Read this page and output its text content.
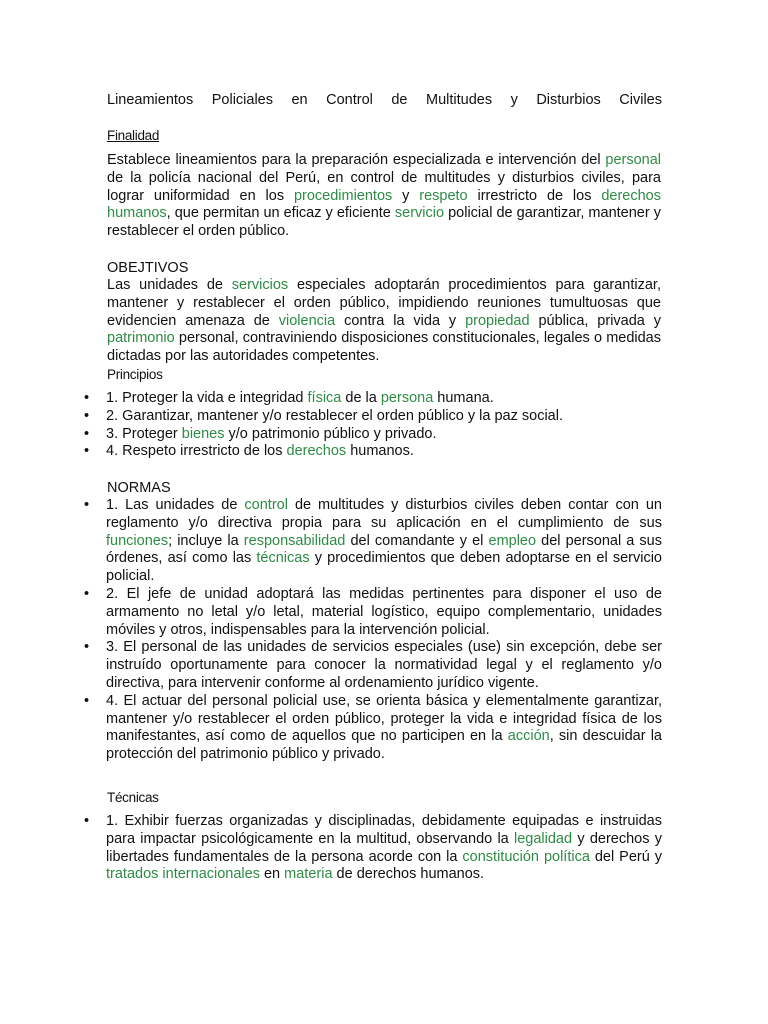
Lineamientos Policiales en Control de Multitudes y Disturbios Civiles
Finalidad
Establece lineamientos para la preparación especializada e intervención del personal de la policía nacional del Perú, en control de multitudes y disturbios civiles, para lograr uniformidad en los procedimientos y respeto irrestricto de los derechos humanos, que permitan un eficaz y eficiente servicio policial de garantizar, mantener y restablecer el orden público.
OBEJTIVOS
Las unidades de servicios especiales adoptarán procedimientos para garantizar, mantener y restablecer el orden público, impidiendo reuniones tumultuosas que evidencien amenaza de violencia contra la vida y propiedad pública, privada y patrimonio personal, contraviniendo disposiciones constitucionales, legales o medidas dictadas por las autoridades competentes.
Principios
•	1. Proteger la vida e integridad física de la persona humana.
•	2. Garantizar, mantener y/o restablecer el orden público y la paz social.
•	3. Proteger bienes y/o patrimonio público y privado.
•	4. Respeto irrestricto de los derechos humanos.
NORMAS
•	1. Las unidades de control de multitudes y disturbios civiles deben contar con un reglamento y/o directiva propia para su aplicación en el cumplimiento de sus funciones; incluye la responsabilidad del comandante y el empleo del personal a sus órdenes, así como las técnicas y procedimientos que deben adoptarse en el servicio policial.
•	2. El jefe de unidad adoptará las medidas pertinentes para disponer el uso de armamento no letal y/o letal, material logístico, equipo complementario, unidades móviles y otros, indispensables para la intervención policial.
•	3. El personal de las unidades de servicios especiales (use) sin excepción, debe ser instruído oportunamente para conocer la normatividad legal y el reglamento y/o directiva, para intervenir conforme al ordenamiento jurídico vigente.
•	4. El actuar del personal policial use, se orienta básica y elementalmente garantizar, mantener y/o restablecer el orden público, proteger la vida e integridad física de los manifestantes, así como de aquellos que no participen en la acción, sin descuidar la protección del patrimonio público y privado.
Técnicas
•	1. Exhibir fuerzas organizadas y disciplinadas, debidamente equipadas e instruidas para impactar psicológicamente en la multitud, observando la legalidad y derechos y libertades fundamentales de la persona acorde con la constitución política del Perú y tratados internacionales en materia de derechos humanos.
